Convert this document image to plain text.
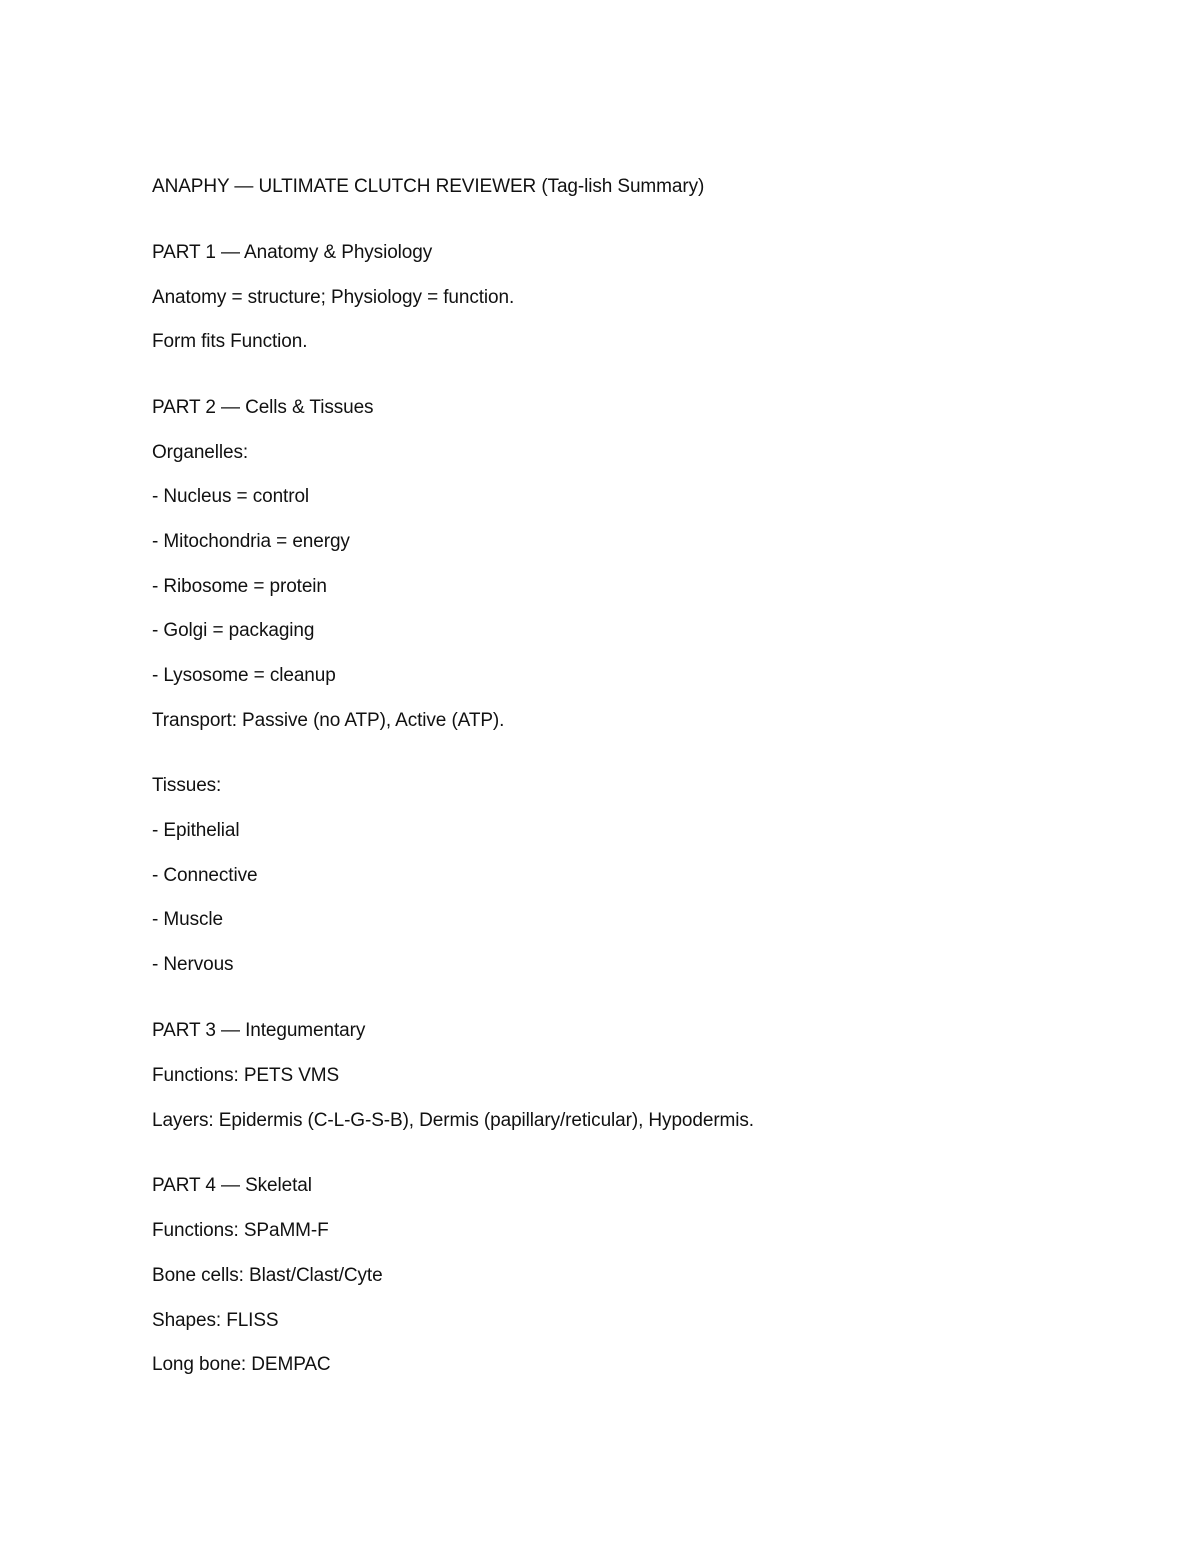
ANAPHY — ULTIMATE CLUTCH REVIEWER (Tag-lish Summary)
PART 1 — Anatomy & Physiology
Anatomy = structure; Physiology = function.
Form fits Function.
PART 2 — Cells & Tissues
Organelles:
- Nucleus = control
- Mitochondria = energy
- Ribosome = protein
- Golgi = packaging
- Lysosome = cleanup
Transport: Passive (no ATP), Active (ATP).
Tissues:
- Epithelial
- Connective
- Muscle
- Nervous
PART 3 — Integumentary
Functions: PETS VMS
Layers: Epidermis (C-L-G-S-B), Dermis (papillary/reticular), Hypodermis.
PART 4 — Skeletal
Functions: SPaMM-F
Bone cells: Blast/Clast/Cyte
Shapes: FLISS
Long bone: DEMPAC
